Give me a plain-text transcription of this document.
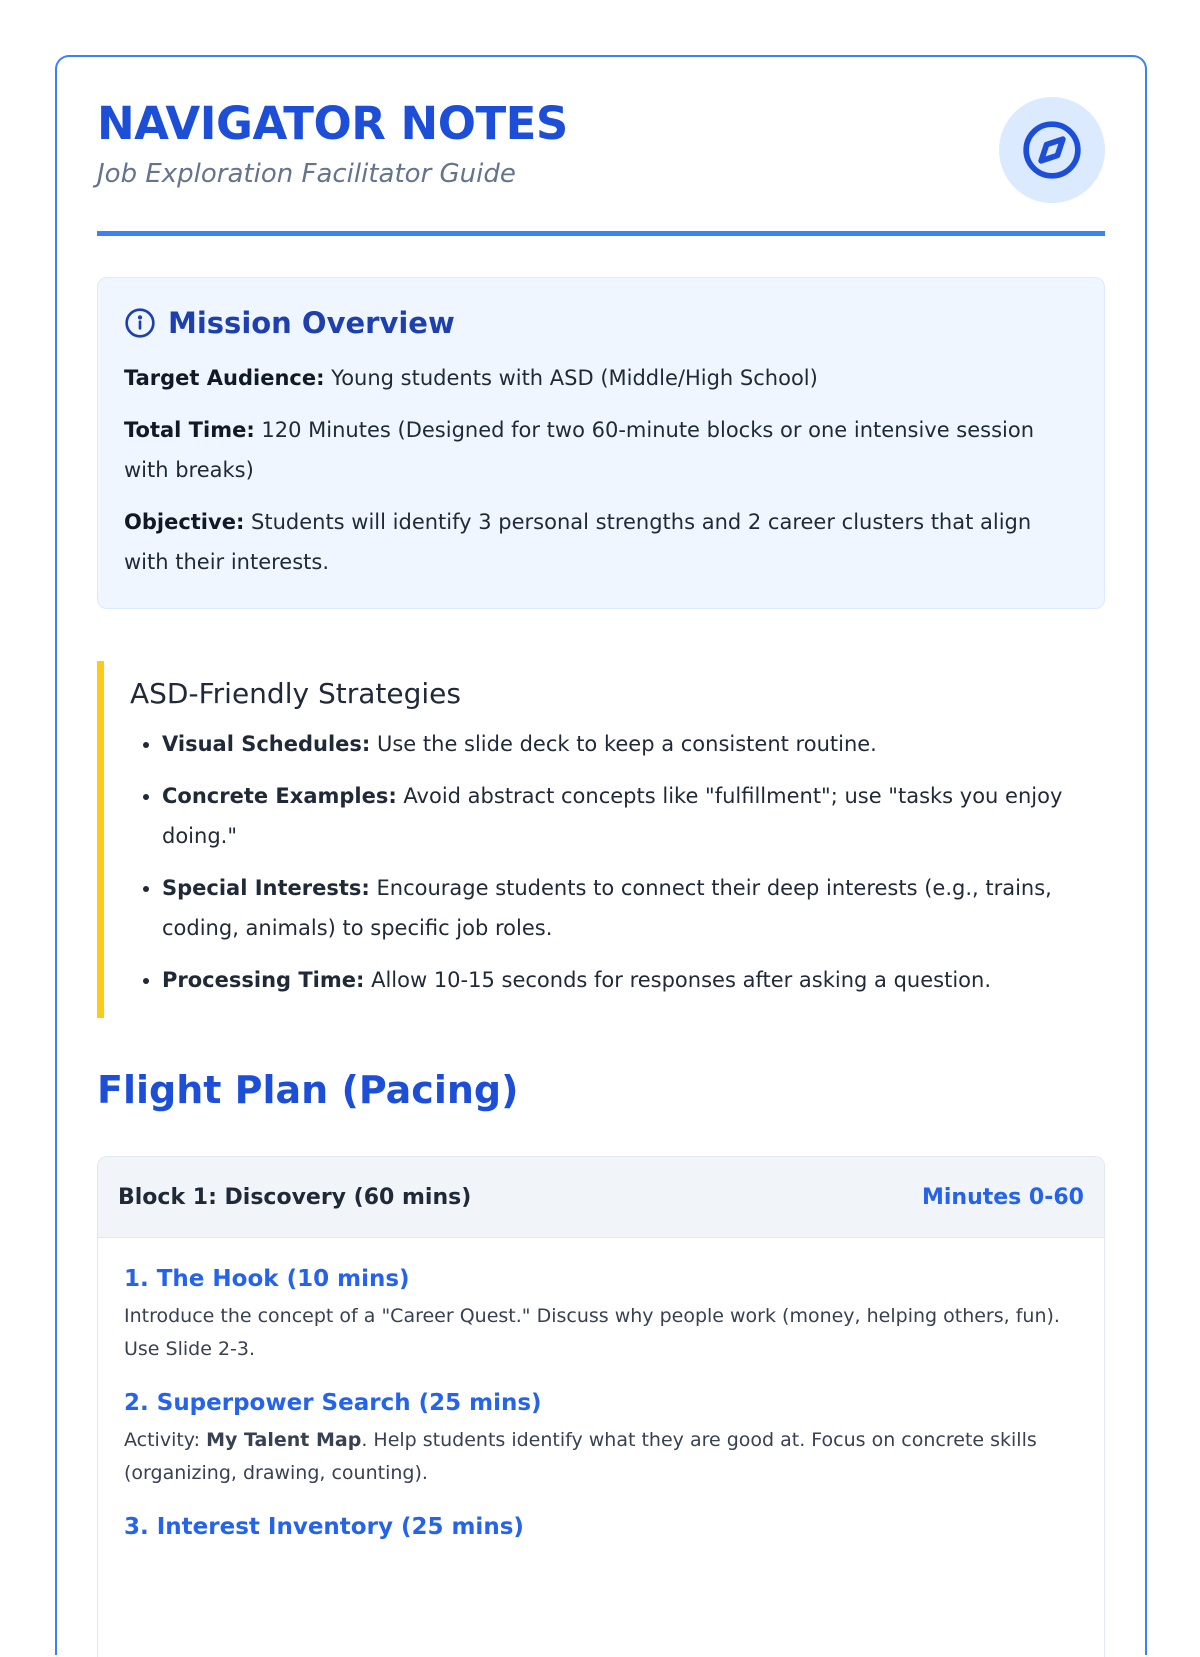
NAVIGATOR NOTES
Job Exploration Facilitator Guide
Mission Overview

Target Audience: Young students with ASD (Middle/High School)

Total Time: 120 Minutes (Designed for two 60-minute blocks or one intensive session with breaks)

Objective: Students will identify 3 personal strengths and 2 career clusters that align with their interests.

ASD-Friendly Strategies
• Visual Schedules: Use the slide deck to keep a consistent routine.
• Concrete Examples: Avoid abstract concepts like "fulfillment"; use "tasks you enjoy doing."
• Special Interests: Encourage students to connect their deep interests (e.g., trains, coding, animals) to specific job roles.
• Processing Time: Allow 10-15 seconds for responses after asking a question.
Flight Plan (Pacing)
Block 1: Discovery (60 mins)	Minutes 0-60
1. The Hook (10 mins)

Introduce the concept of a "Career Quest." Discuss why people work (money, helping others, fun). Use Slide 2-3.

2. Superpower Search (25 mins)

Activity: My Talent Map. Help students identify what they are good at. Focus on concrete skills (organizing, drawing, counting).

3. Interest Inventory (25 mins)
